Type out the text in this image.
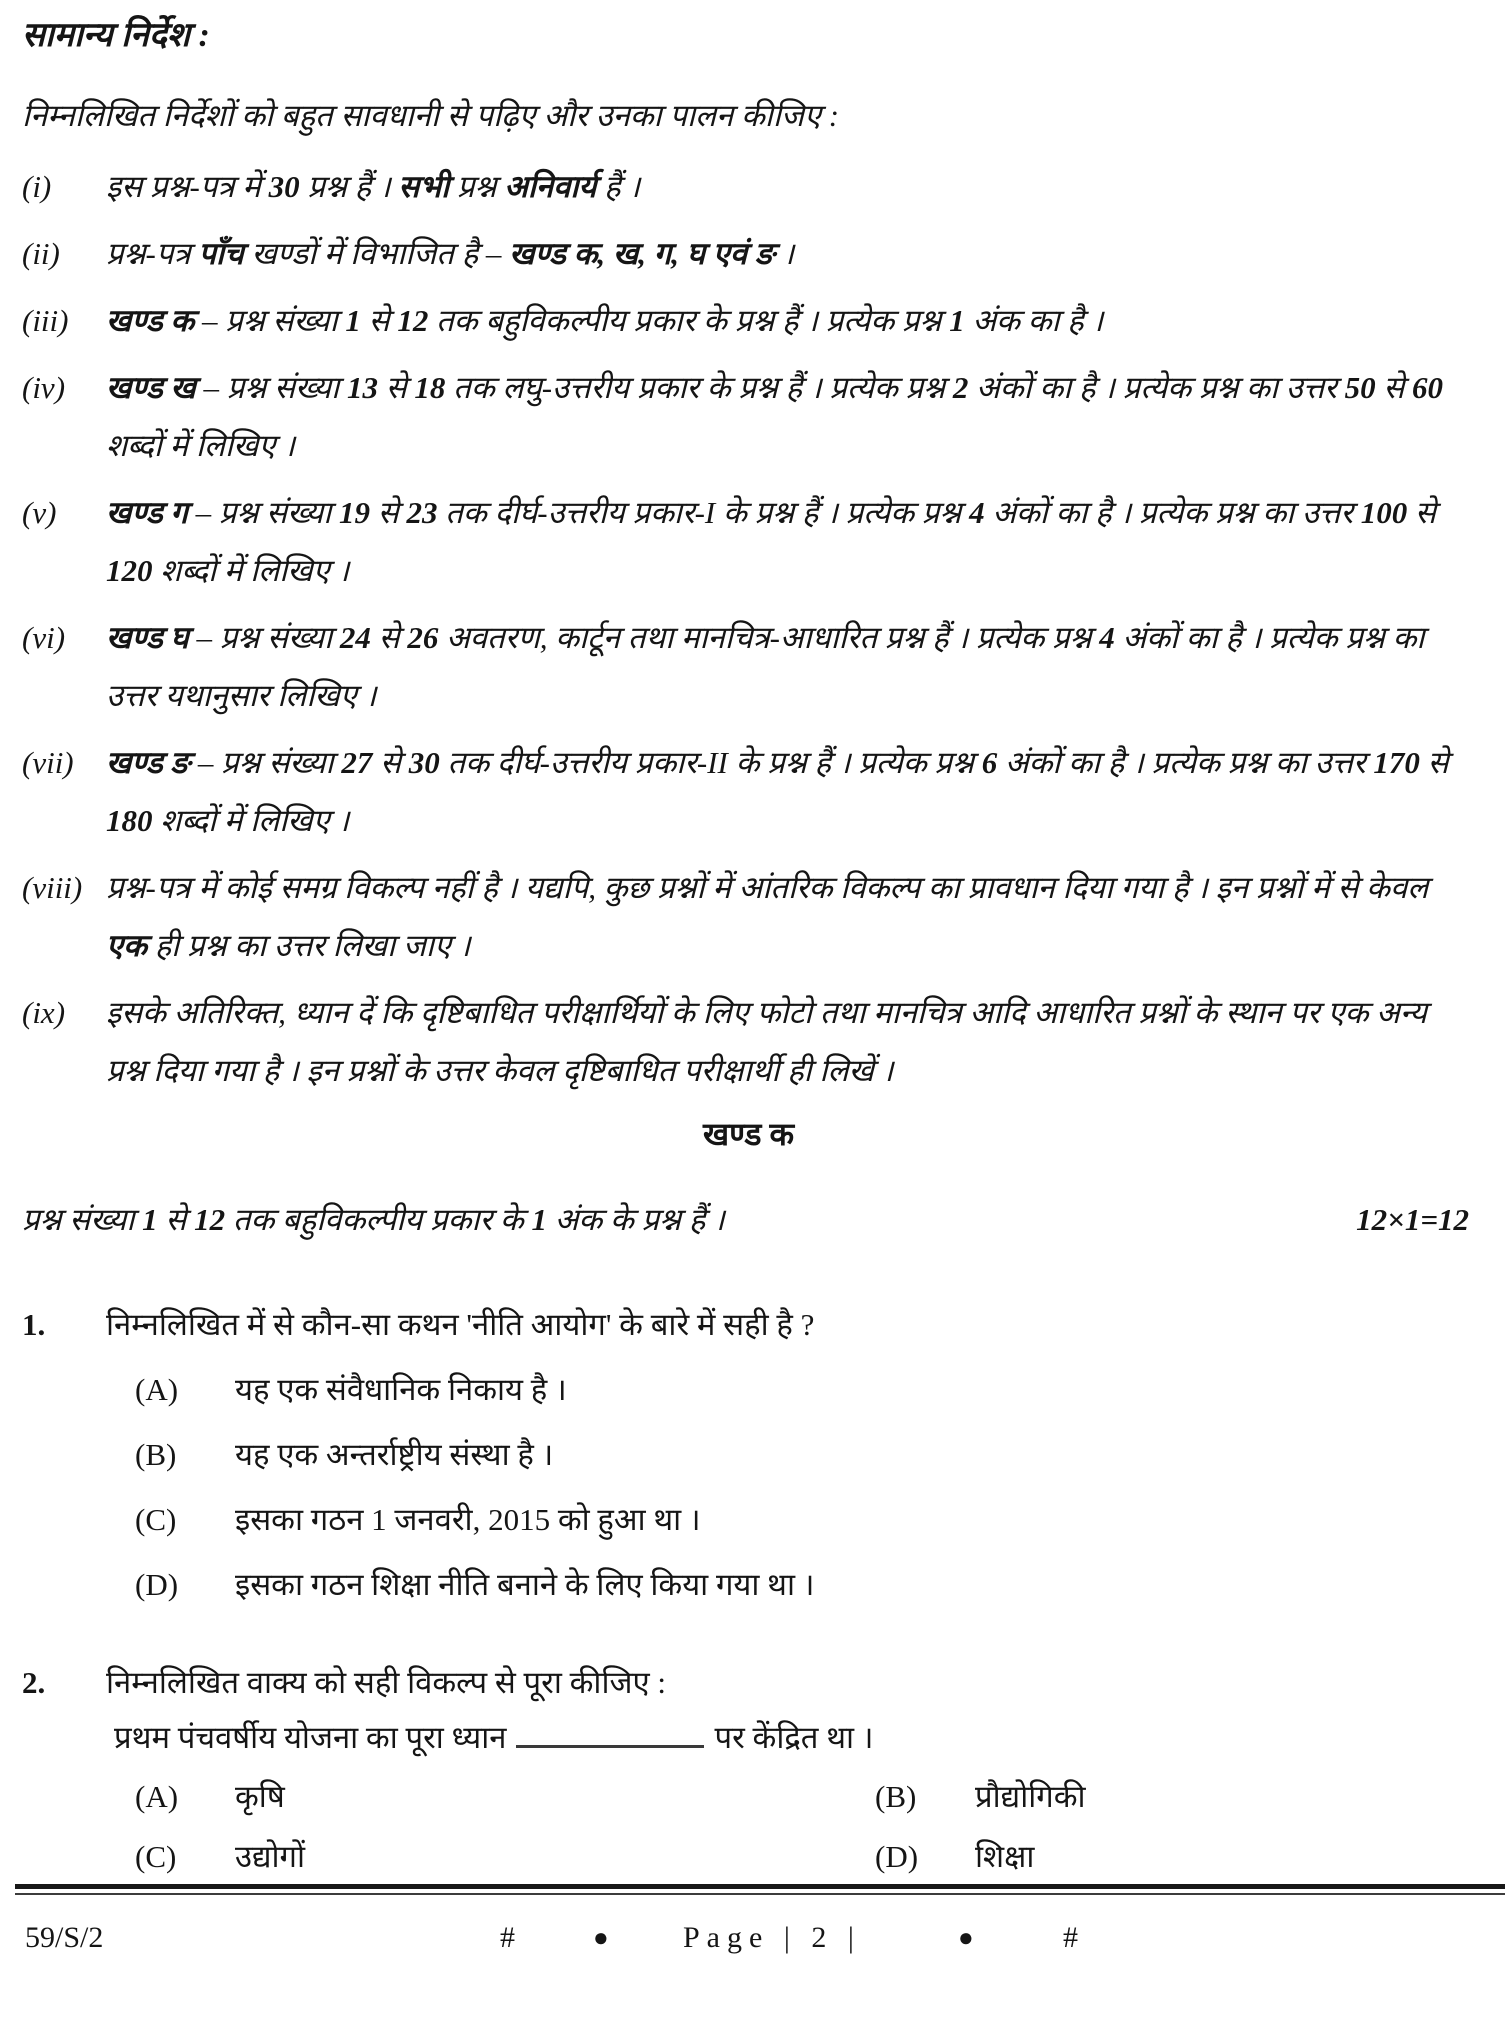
सामान्य निर्देश :
निम्नलिखित निर्देशों को बहुत सावधानी से पढ़िए और उनका पालन कीजिए :
(i)	इस प्रश्न-पत्र में 30 प्रश्न हैं । सभी प्रश्न अनिवार्य हैं ।
(ii)	प्रश्न-पत्र पाँच खण्डों में विभाजित है – खण्ड क, ख, ग, घ एवं ङ ।
(iii)	खण्ड क – प्रश्न संख्या 1 से 12 तक बहुविकल्पीय प्रकार के प्रश्न हैं । प्रत्येक प्रश्न 1 अंक का है ।
(iv)	खण्ड ख – प्रश्न संख्या 13 से 18 तक लघु-उत्तरीय प्रकार के प्रश्न हैं । प्रत्येक प्रश्न 2 अंकों का है । प्रत्येक प्रश्न का उत्तर 50 से 60 शब्दों में लिखिए ।
(v)	खण्ड ग – प्रश्न संख्या 19 से 23 तक दीर्घ-उत्तरीय प्रकार-I के प्रश्न हैं । प्रत्येक प्रश्न 4 अंकों का है । प्रत्येक प्रश्न का उत्तर 100 से 120 शब्दों में लिखिए ।
(vi)	खण्ड घ – प्रश्न संख्या 24 से 26 अवतरण, कार्टून तथा मानचित्र-आधारित प्रश्न हैं । प्रत्येक प्रश्न 4 अंकों का है । प्रत्येक प्रश्न का उत्तर यथानुसार लिखिए ।
(vii)	खण्ड ङ – प्रश्न संख्या 27 से 30 तक दीर्घ-उत्तरीय प्रकार-II के प्रश्न हैं । प्रत्येक प्रश्न 6 अंकों का है । प्रत्येक प्रश्न का उत्तर 170 से 180 शब्दों में लिखिए ।
(viii) प्रश्न-पत्र में कोई समग्र विकल्प नहीं है । यद्यपि, कुछ प्रश्नों में आंतरिक विकल्प का प्रावधान दिया गया है । इन प्रश्नों में से केवल एक ही प्रश्न का उत्तर लिखा जाए ।
(ix)	इसके अतिरिक्त, ध्यान दें कि दृष्टिबाधित परीक्षार्थियों के लिए फोटो तथा मानचित्र आदि आधारित प्रश्नों के स्थान पर एक अन्य प्रश्न दिया गया है । इन प्रश्नों के उत्तर केवल दृष्टिबाधित परीक्षार्थी ही लिखें ।
खण्ड क
प्रश्न संख्या 1 से 12 तक बहुविकल्पीय प्रकार के 1 अंक के प्रश्न हैं ।	12×1=12
1.	निम्नलिखित में से कौन-सा कथन 'नीति आयोग' के बारे में सही है ?
(A)	यह एक संवैधानिक निकाय है ।
(B)	यह एक अन्तर्राष्ट्रीय संस्था है ।
(C)	इसका गठन 1 जनवरी, 2015 को हुआ था ।
(D)	इसका गठन शिक्षा नीति बनाने के लिए किया गया था ।
2.	निम्नलिखित वाक्य को सही विकल्प से पूरा कीजिए :
प्रथम पंचवर्षीय योजना का पूरा ध्यान	पर केंद्रित था ।
(A)	कृषि	(B)	प्रौद्योगिकी
(C)	उद्योगों	(D)	शिक्षा
59/S/2	#	● Page | 2 |	●	#
